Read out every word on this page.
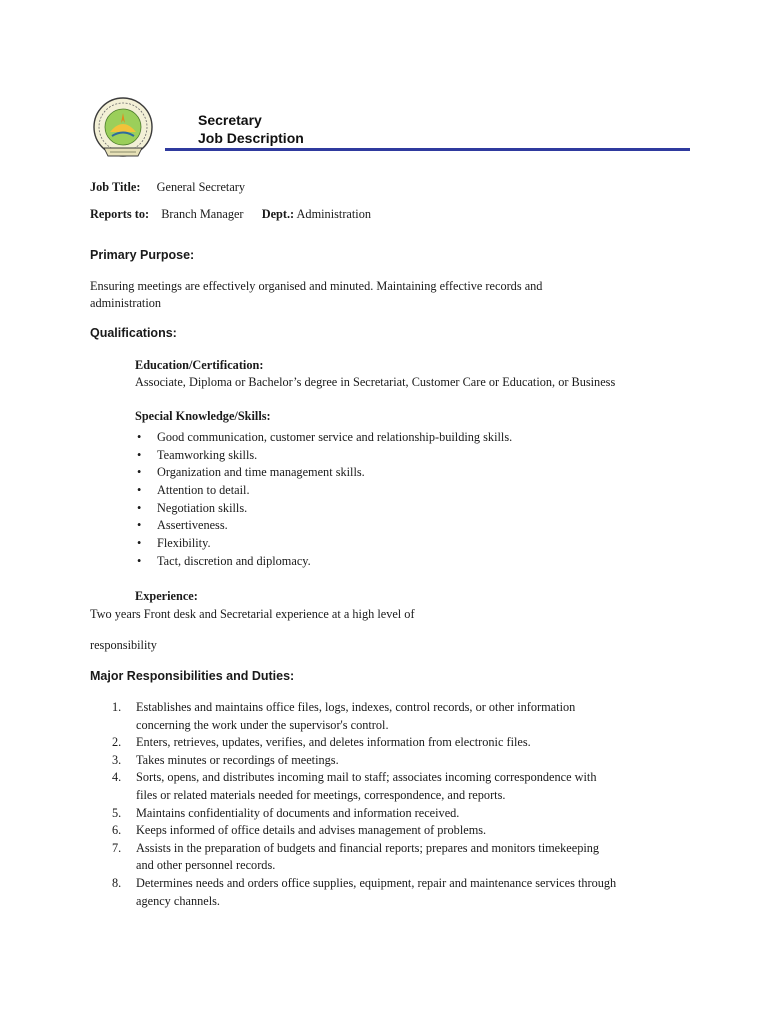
Secretary
Job Description
Job Title: General Secretary
Reports to: Branch Manager Dept.: Administration
Primary Purpose:
Ensuring meetings are effectively organised and minuted. Maintaining effective records and
administration
Qualifications:
Education/Certification:
Associate, Diploma or Bachelor’s degree in Secretariat, Customer Care or Education, or Business
Special Knowledge/Skills:
• Good communication, customer service and relationship-building skills.
• Teamworking skills.
• Organization and time management skills.
• Attention to detail.
• Negotiation skills.
• Assertiveness.
• Flexibility.
• Tact, discretion and diplomacy.
Experience:
Two years Front desk and Secretarial experience at a high level of
responsibility
Major Responsibilities and Duties:
1. Establishes and maintains office files, logs, indexes, control records, or other information
concerning the work under the supervisor's control.
2. Enters, retrieves, updates, verifies, and deletes information from electronic files.
3. Takes minutes or recordings of meetings.
4. Sorts, opens, and distributes incoming mail to staff; associates incoming correspondence with
files or related materials needed for meetings, correspondence, and reports.
5. Maintains confidentiality of documents and information received.
6. Keeps informed of office details and advises management of problems.
7. Assists in the preparation of budgets and financial reports; prepares and monitors timekeeping
and other personnel records.
8. Determines needs and orders office supplies, equipment, repair and maintenance services through
agency channels.
